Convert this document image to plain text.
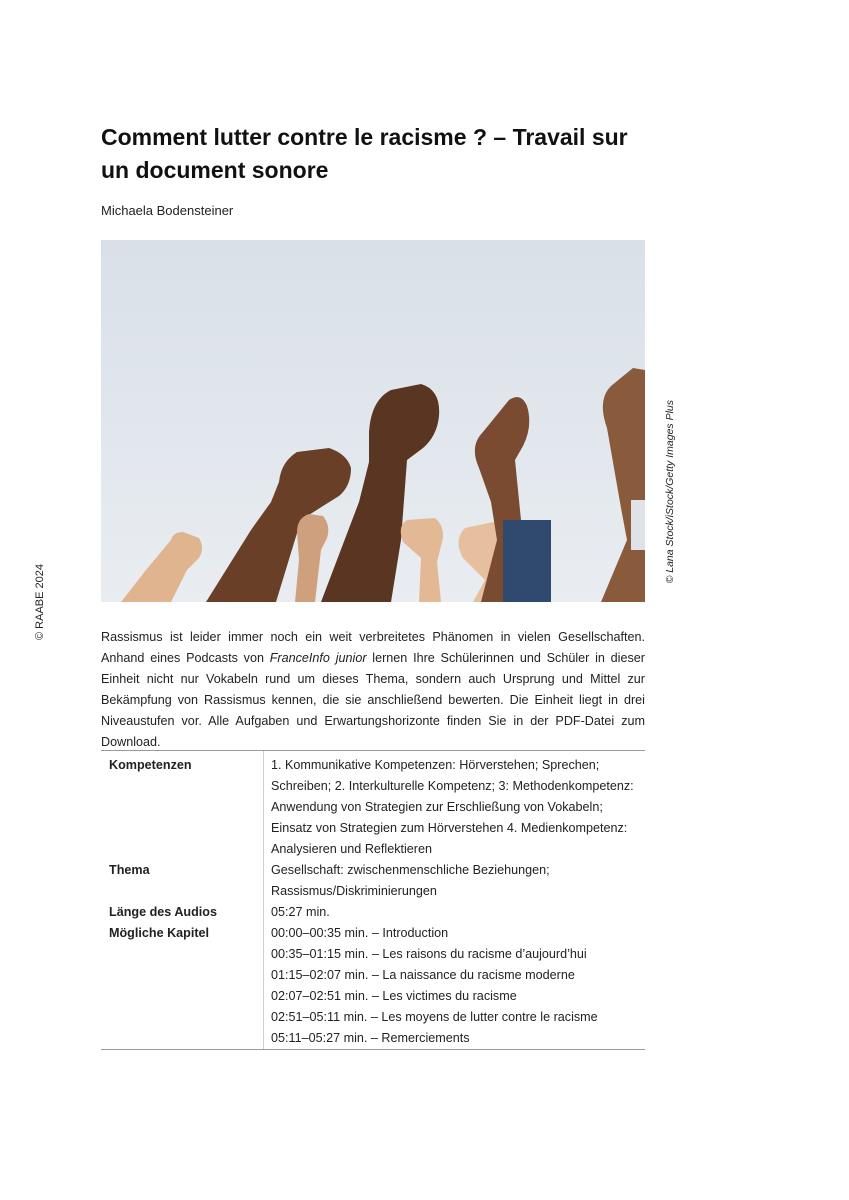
© RAABE 2024
Comment lutter contre le racisme ? – Travail sur
un document sonore
Michaela Bodensteiner
© Lana Stock/iStock/Getty Images Plus

Rassismus ist leider immer noch ein weit verbreitetes Phänomen in vielen Gesellschaften. Anhand eines Podcasts von FranceInfo junior lernen Ihre Schülerinnen und Schüler in dieser Einheit nicht nur Vokabeln rund um dieses Thema, sondern auch Ursprung und Mittel zur Bekämpfung von Rassismus kennen, die sie anschließend bewerten. Die Einheit liegt in drei Niveaustufen vor. Alle Aufgaben und Erwartungshorizonte finden Sie in der PDF-Datei zum Download.

Kompetenzen	1. Kommunikative Kompetenzen: Hörverstehen; Sprechen;
Schreiben; 2. Interkulturelle Kompetenz; 3: Methodenkompetenz:
Anwendung von Strategien zur Erschließung von Vokabeln;
Einsatz von Strategien zum Hörverstehen 4. Medienkompetenz:
Analysieren und Reflektieren
Thema	Gesellschaft: zwischenmenschliche Beziehungen;
Rassismus/Diskriminierungen
Länge des Audios	05:27 min.
Mögliche Kapitel	00:00–00:35 min. – Introduction
00:35–01:15 min. – Les raisons du racisme d’aujourd’hui
01:15–02:07 min. – La naissance du racisme moderne
02:07–02:51 min. – Les victimes du racisme
02:51–05:11 min. – Les moyens de lutter contre le racisme
05:11–05:27 min. – Remerciements
